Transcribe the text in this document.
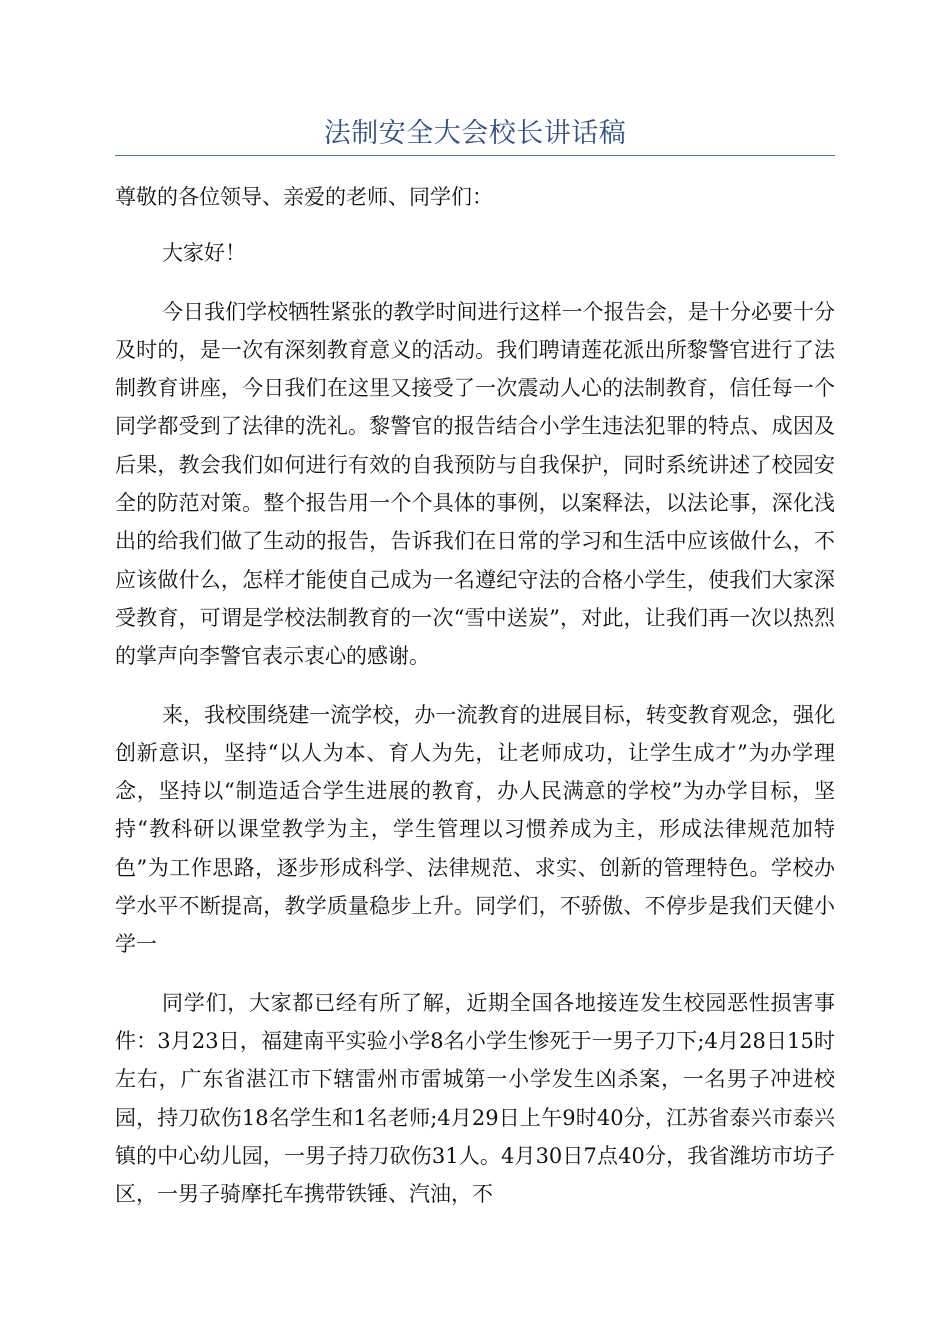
法制安全大会校长讲话稿

尊敬的各位领导、亲爱的老师、同学们：

大家好！

今日我们学校牺牲紧张的教学时间进行这样一个报告会，是十分必要十分及时的，是一次有深刻教育意义的活动。我们聘请莲花派出所黎警官进行了法制教育讲座，今日我们在这里又接受了一次震动人心的法制教育，信任每一个同学都受到了法律的洗礼。黎警官的报告结合小学生违法犯罪的特点、成因及后果，教会我们如何进行有效的自我预防与自我保护，同时系统讲述了校园安全的防范对策。整个报告用一个个具体的事例，以案释法，以法论事，深化浅出的给我们做了生动的报告，告诉我们在日常的学习和生活中应该做什么，不应该做什么，怎样才能使自己成为一名遵纪守法的合格小学生，使我们大家深受教育，可谓是学校法制教育的一次“雪中送炭”，对此，让我们再一次以热烈的掌声向李警官表示衷心的感谢。

来，我校围绕建一流学校，办一流教育的进展目标，转变教育观念，强化创新意识，坚持“以人为本、育人为先，让老师成功，让学生成才”为办学理念，坚持以“制造适合学生进展的教育，办人民满意的学校”为办学目标，坚持“教科研以课堂教学为主，学生管理以习惯养成为主，形成法律规范加特色”为工作思路，逐步形成科学、法律规范、求实、创新的管理特色。学校办学水平不断提高，教学质量稳步上升。同学们，不骄傲、不停步是我们天健小学一

同学们，大家都已经有所了解，近期全国各地接连发生校园恶性损害事件：3月23日，福建南平实验小学8名小学生惨死于一男子刀下;4月28日15时左右，广东省湛江市下辖雷州市雷城第一小学发生凶杀案，一名男子冲进校园，持刀砍伤18名学生和1名老师;4月29日上午9时40分，江苏省泰兴市泰兴镇的中心幼儿园，一男子持刀砍伤31人。4月30日7点40分，我省潍坊市坊子区，一男子骑摩托车携带铁锤、汽油，不
